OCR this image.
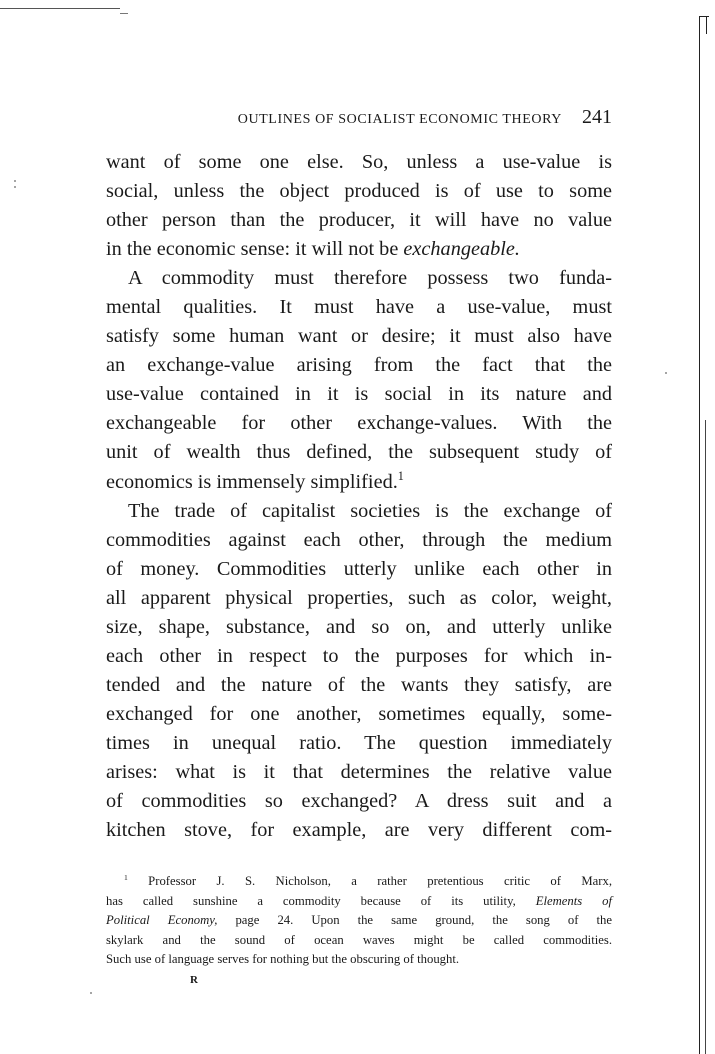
OUTLINES OF SOCIALIST ECONOMIC THEORY 241
want of some one else. So, unless a use-value is
social, unless the object produced is of use to some
other person than the producer, it will have no value
in the economic sense: it will not be exchangeable.
A commodity must therefore possess two funda-
mental qualities. It must have a use-value, must
satisfy some human want or desire; it must also have
an exchange-value arising from the fact that the
use-value contained in it is social in its nature and
exchangeable for other exchange-values. With the
unit of wealth thus defined, the subsequent study of
economics is immensely simplified.$^1$
The trade of capitalist societies is the exchange of
commodities against each other, through the medium
of money. Commodities utterly unlike each other in
all apparent physical properties, such as color, weight,
size, shape, substance, and so on, and utterly unlike
each other in respect to the purposes for which in-
tended and the nature of the wants they satisfy, are
exchanged for one another, sometimes equally, some-
times in unequal ratio. The question immediately
arises: what is it that determines the relative value
of commodities so exchanged? A dress suit and a
kitchen stove, for example, are very different com-
$^1$ Professor J. S. Nicholson, a rather pretentious critic of Marx,
has called sunshine a commodity because of its utility, Elements of
Political Economy, page 24. Upon the same ground, the song of the
skylark and the sound of ocean waves might be called commodities.
Such use of language serves for nothing but the obscuring of thought.
R
